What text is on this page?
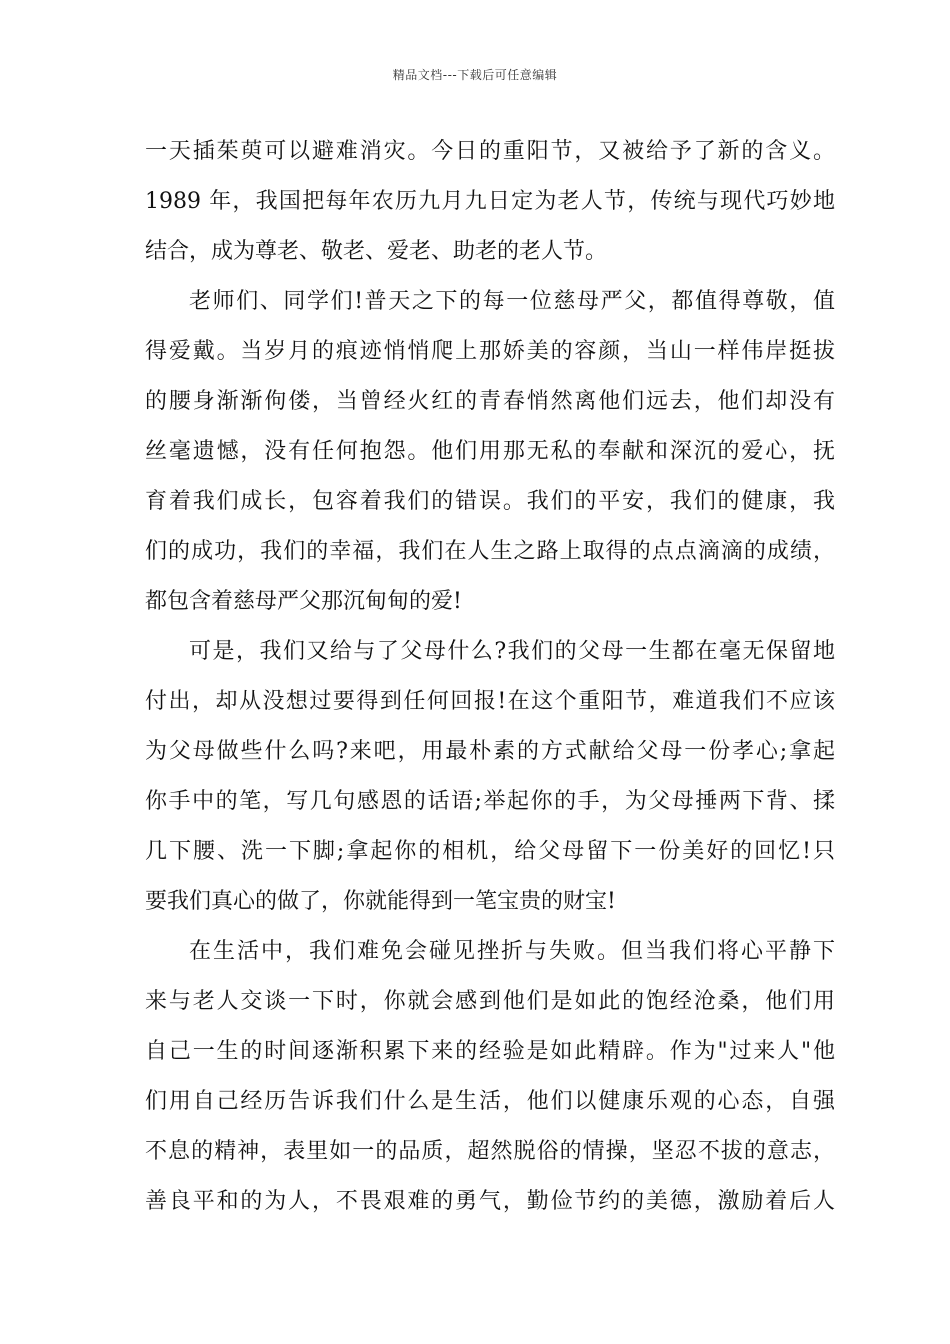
精品文档---下载后可任意编辑
一天插茱萸可以避难消灾。今日的重阳节，又被给予了新的含义。
1989 年，我国把每年农历九月九日定为老人节，传统与现代巧妙地
结合，成为尊老、敬老、爱老、助老的老人节。
老师们、同学们!普天之下的每一位慈母严父，都值得尊敬，值
得爱戴。当岁月的痕迹悄悄爬上那娇美的容颜，当山一样伟岸挺拔
的腰身渐渐佝偻，当曾经火红的青春悄然离他们远去，他们却没有
丝毫遗憾，没有任何抱怨。他们用那无私的奉献和深沉的爱心，抚
育着我们成长，包容着我们的错误。我们的平安，我们的健康，我
们的成功，我们的幸福，我们在人生之路上取得的点点滴滴的成绩，
都包含着慈母严父那沉甸甸的爱!
可是，我们又给与了父母什么?我们的父母一生都在毫无保留地
付出，却从没想过要得到任何回报!在这个重阳节，难道我们不应该
为父母做些什么吗?来吧，用最朴素的方式献给父母一份孝心;拿起
你手中的笔，写几句感恩的话语;举起你的手，为父母捶两下背、揉
几下腰、洗一下脚;拿起你的相机，给父母留下一份美好的回忆!只
要我们真心的做了，你就能得到一笔宝贵的财宝!
在生活中，我们难免会碰见挫折与失败。但当我们将心平静下
来与老人交谈一下时，你就会感到他们是如此的饱经沧桑，他们用
自己一生的时间逐渐积累下来的经验是如此精辟。作为"过来人"他
们用自己经历告诉我们什么是生活，他们以健康乐观的心态，自强
不息的精神，表里如一的品质，超然脱俗的情操，坚忍不拔的意志，
善良平和的为人，不畏艰难的勇气，勤俭节约的美德，激励着后人
